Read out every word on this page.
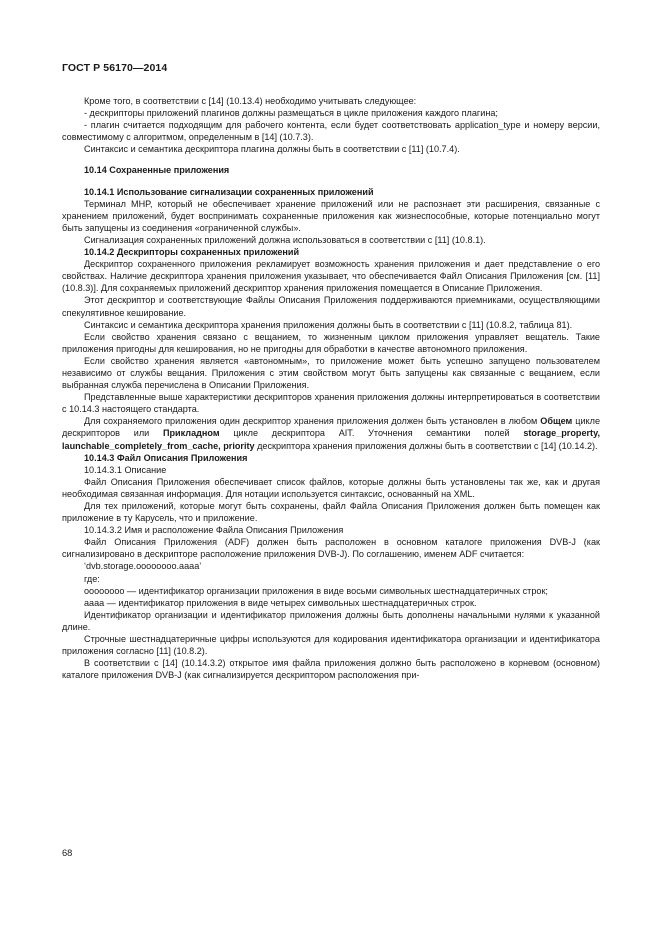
ГОСТ Р 56170—2014

Кроме того, в соответствии с [14] (10.13.4) необходимо учитывать следующее:

- дескрипторы приложений плагинов должны размещаться в цикле приложения каждого плагина;

- плагин считается подходящим для рабочего контента, если будет соответствовать application_type и номеру версии, совместимому с алгоритмом, определенным в [14] (10.7.3).

Синтаксис и семантика дескриптора плагина должны быть в соответствии с [11] (10.7.4).

10.14 Сохраненные приложения

10.14.1 Использование сигнализации сохраненных приложений

Терминал MHP, который не обеспечивает хранение приложений или не распознает эти расширения, связанные с хранением приложений, будет воспринимать сохраненные приложения как жизнеспособные, которые потенциально могут быть запущены из соединения «ограниченной службы».

Сигнализация сохраненных приложений должна использоваться в соответствии с [11] (10.8.1).

10.14.2 Дескрипторы сохраненных приложений

Дескриптор сохраненного приложения рекламирует возможность хранения приложения и дает представление о его свойствах. Наличие дескриптора хранения приложения указывает, что обеспечивается Файл Описания Приложения [см. [11] (10.8.3)]. Для сохраняемых приложений дескриптор хранения приложения помещается в Описание Приложения.

Этот дескриптор и соответствующие Файлы Описания Приложения поддерживаются приемниками, осуществляющими спекулятивное кеширование.

Синтаксис и семантика дескриптора хранения приложения должны быть в соответствии с [11] (10.8.2, таблица 81).

Если свойство хранения связано с вещанием, то жизненным циклом приложения управляет вещатель. Такие приложения пригодны для кеширования, но не пригодны для обработки в качестве автономного приложения.

Если свойство хранения является «автономным», то приложение может быть успешно запущено пользователем независимо от службы вещания. Приложения с этим свойством могут быть запущены как связанные с вещанием, если выбранная служба перечислена в Описании Приложения.

Представленные выше характеристики дескрипторов хранения приложения должны интерпретироваться в соответствии с 10.14.3 настоящего стандарта.

Для сохраняемого приложения один дескриптор хранения приложения должен быть установлен в любом Общем цикле дескрипторов или Прикладном цикле дескриптора AIT. Уточнения семантики полей storage_property, launchable_completely_from_cache, priority дескриптора хранения приложения должны быть в соответствии с [14] (10.14.2).

10.14.3 Файл Описания Приложения

10.14.3.1 Описание

Файл Описания Приложения обеспечивает список файлов, которые должны быть установлены так же, как и другая необходимая связанная информация. Для нотации используется синтаксис, основанный на XML.

Для тех приложений, которые могут быть сохранены, файл Файла Описания Приложения должен быть помещен как приложение в ту Карусель, что и приложение.

10.14.3.2 Имя и расположение Файла Описания Приложения

Файл Описания Приложения (ADF) должен быть расположен в основном каталоге приложения DVB-J (как сигнализировано в дескрипторе расположение приложения DVB-J). По соглашению, именем ADF считается:

‘dvb.storage.oooooooo.aaaa’

где:

oooooooo — идентификатор организации приложения в виде восьми символьных шестнадцатеричных строк;

aaaa — идентификатор приложения в виде четырех символьных шестнадцатеричных строк.

Идентификатор организации и идентификатор приложения должны быть дополнены начальными нулями к указанной длине.

Строчные шестнадцатеричные цифры используются для кодирования идентификатора организации и идентификатора приложения согласно [11] (10.8.2).

В соответствии с [14] (10.14.3.2) открытое имя файла приложения должно быть расположено в корневом (основном) каталоге приложения DVB-J (как сигнализируется дескриптором расположения при-

68
